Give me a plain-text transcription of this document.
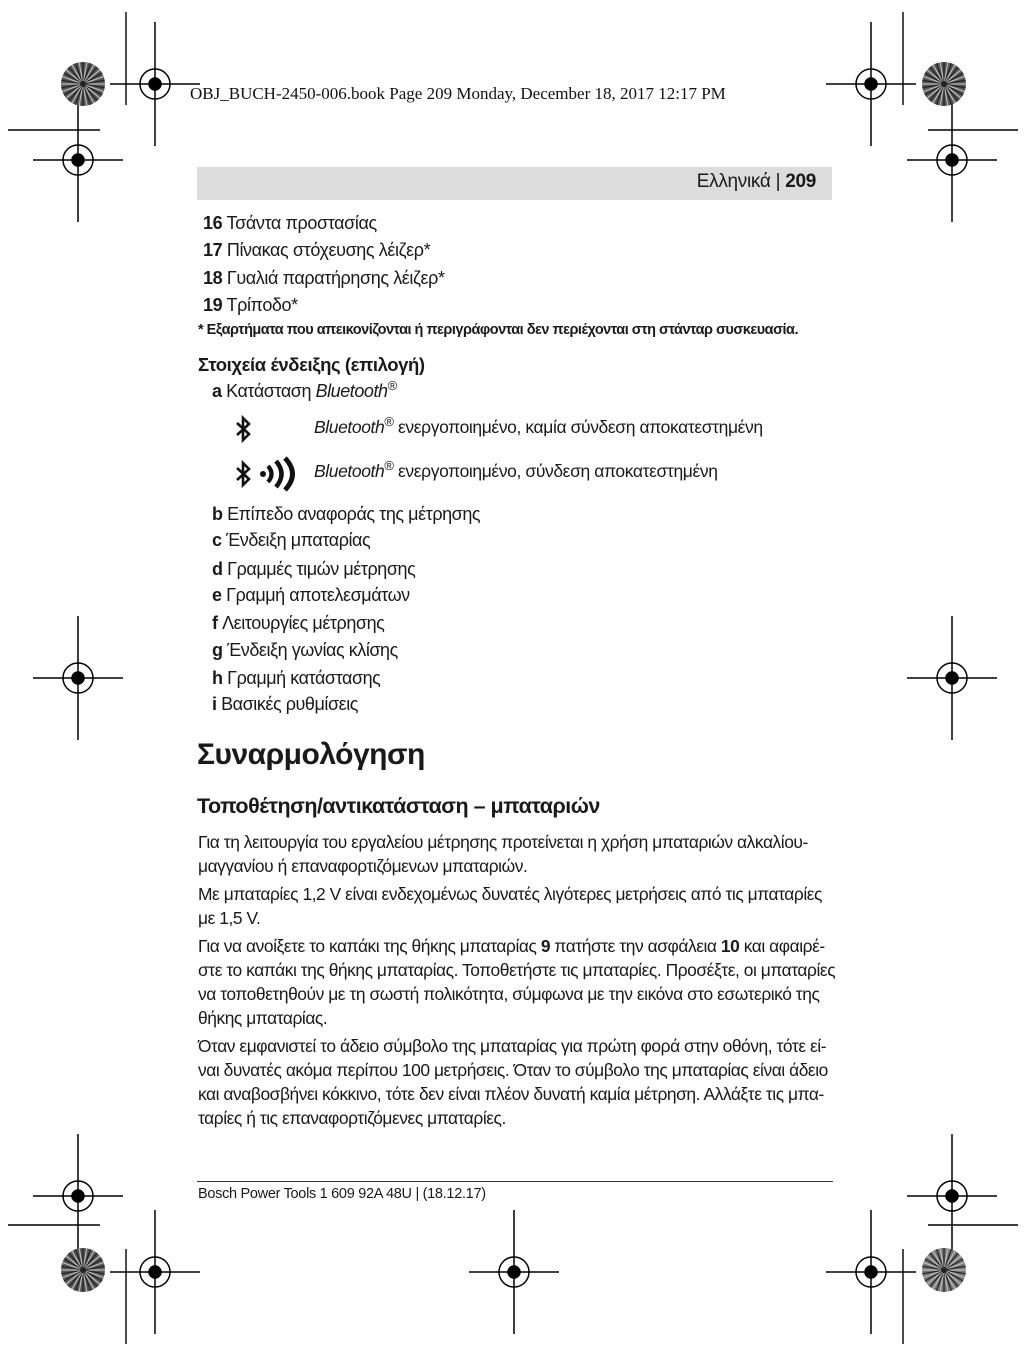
OBJ_BUCH-2450-006.book Page 209 Monday, December 18, 2017 12:17 PM
Ελληνικά | 209
16 Τσάντα προστασίας
17 Πίνακας στόχευσης λέιζερ*
18 Γυαλιά παρατήρησης λέιζερ*
19 Τρίποδο*
* Εξαρτήματα που απεικονίζονται ή περιγράφονται δεν περιέχονται στη στάνταρ συσκευασία.
Στοιχεία ένδειξης (επιλογή)
a Κατάσταση Bluetooth®
Bluetooth® ενεργοποιημένο, καμία σύνδεση αποκατεστημένη
Bluetooth® ενεργοποιημένο, σύνδεση αποκατεστημένη
b Επίπεδο αναφοράς της μέτρησης
c Ένδειξη μπαταρίας
d Γραμμές τιμών μέτρησης
e Γραμμή αποτελεσμάτων
f Λειτουργίες μέτρησης
g Ένδειξη γωνίας κλίσης
h Γραμμή κατάστασης
i Βασικές ρυθμίσεις
Συναρμολόγηση
Τοποθέτηση/αντικατάσταση – μπαταριών
Για τη λειτουργία του εργαλείου μέτρησης προτείνεται η χρήση μπαταριών αλκαλίου-
μαγγανίου ή επαναφορτιζόμενων μπαταριών.
Με μπαταρίες 1,2 V είναι ενδεχομένως δυνατές λιγότερες μετρήσεις από τις μπαταρίες
με 1,5 V.
Για να ανοίξετε το καπάκι της θήκης μπαταρίας 9 πατήστε την ασφάλεια 10 και αφαιρέ-
στε το καπάκι της θήκης μπαταρίας. Τοποθετήστε τις μπαταρίες. Προσέξτε, οι μπαταρίες
να τοποθετηθούν με τη σωστή πολικότητα, σύμφωνα με την εικόνα στο εσωτερικό της
θήκης μπαταρίας.
Όταν εμφανιστεί το άδειο σύμβολο της μπαταρίας για πρώτη φορά στην οθόνη, τότε εί-
ναι δυνατές ακόμα περίπου 100 μετρήσεις. Όταν το σύμβολο της μπαταρίας είναι άδειο
και αναβοσβήνει κόκκινο, τότε δεν είναι πλέον δυνατή καμία μέτρηση. Αλλάξτε τις μπα-
ταρίες ή τις επαναφορτιζόμενες μπαταρίες.
Bosch Power Tools 1 609 92A 48U | (18.12.17)
